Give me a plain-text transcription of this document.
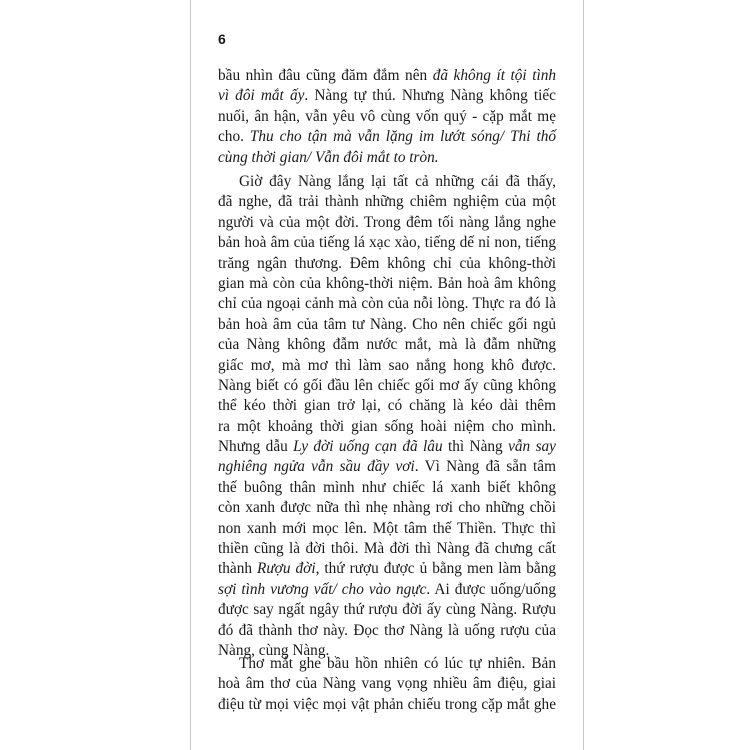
6
bầu nhìn đâu cũng đăm đắm nên đã không ít tội tình
vì đôi mắt ấy. Nàng tự thú. Nhưng Nàng không tiếc
nuối, ân hận, vẫn yêu vô cùng vốn quý - cặp mắt mẹ
cho. Thu cho tận mà vẫn lặng im lướt sóng/ Thi thố
cùng thời gian/ Vẫn đôi mắt to tròn.
Giờ đây Nàng lắng lại tất cả những cái đã thấy,
đã nghe, đã trải thành những chiêm nghiệm của một
người và của một đời. Trong đêm tối nàng lắng nghe
bản hoà âm của tiếng lá xạc xào, tiếng dế nỉ non, tiếng
trăng ngân thương. Đêm không chỉ của không-thời
gian mà còn của không-thời niệm. Bản hoà âm không
chỉ của ngoại cảnh mà còn của nỗi lòng. Thực ra đó là
bản hoà âm của tâm tư Nàng. Cho nên chiếc gối ngủ
của Nàng không đẫm nước mắt, mà là đẫm những
giấc mơ, mà mơ thì làm sao nắng hong khô được.
Nàng biết có gối đầu lên chiếc gối mơ ấy cũng không
thể kéo thời gian trở lại, có chăng là kéo dài thêm
ra một khoảng thời gian sống hoài niệm cho mình.
Nhưng dẫu Ly đời uống cạn đã lâu thì Nàng vẫn say
nghiêng ngửa vẫn sầu đầy vơi. Vì Nàng đã sẵn tâm
thế buông thân mình như chiếc lá xanh biết không
còn xanh được nữa thì nhẹ nhàng rơi cho những chồi
non xanh mới mọc lên. Một tâm thế Thiền. Thực thì
thiền cũng là đời thôi. Mà đời thì Nàng đã chưng cất
thành Rượu đời, thứ rượu được ủ bằng men làm bằng
sợi tình vương vất/ cho vào ngực. Ai được uống/uống
được say ngất ngây thứ rượu đời ấy cùng Nàng. Rượu
đó đã thành thơ này. Đọc thơ Nàng là uống rượu của
Nàng, cùng Nàng.
Thơ mắt ghe bầu hồn nhiên có lúc tự nhiên. Bản
hoà âm thơ của Nàng vang vọng nhiều âm điệu, giai
điệu từ mọi việc mọi vật phản chiếu trong cặp mắt ghe
